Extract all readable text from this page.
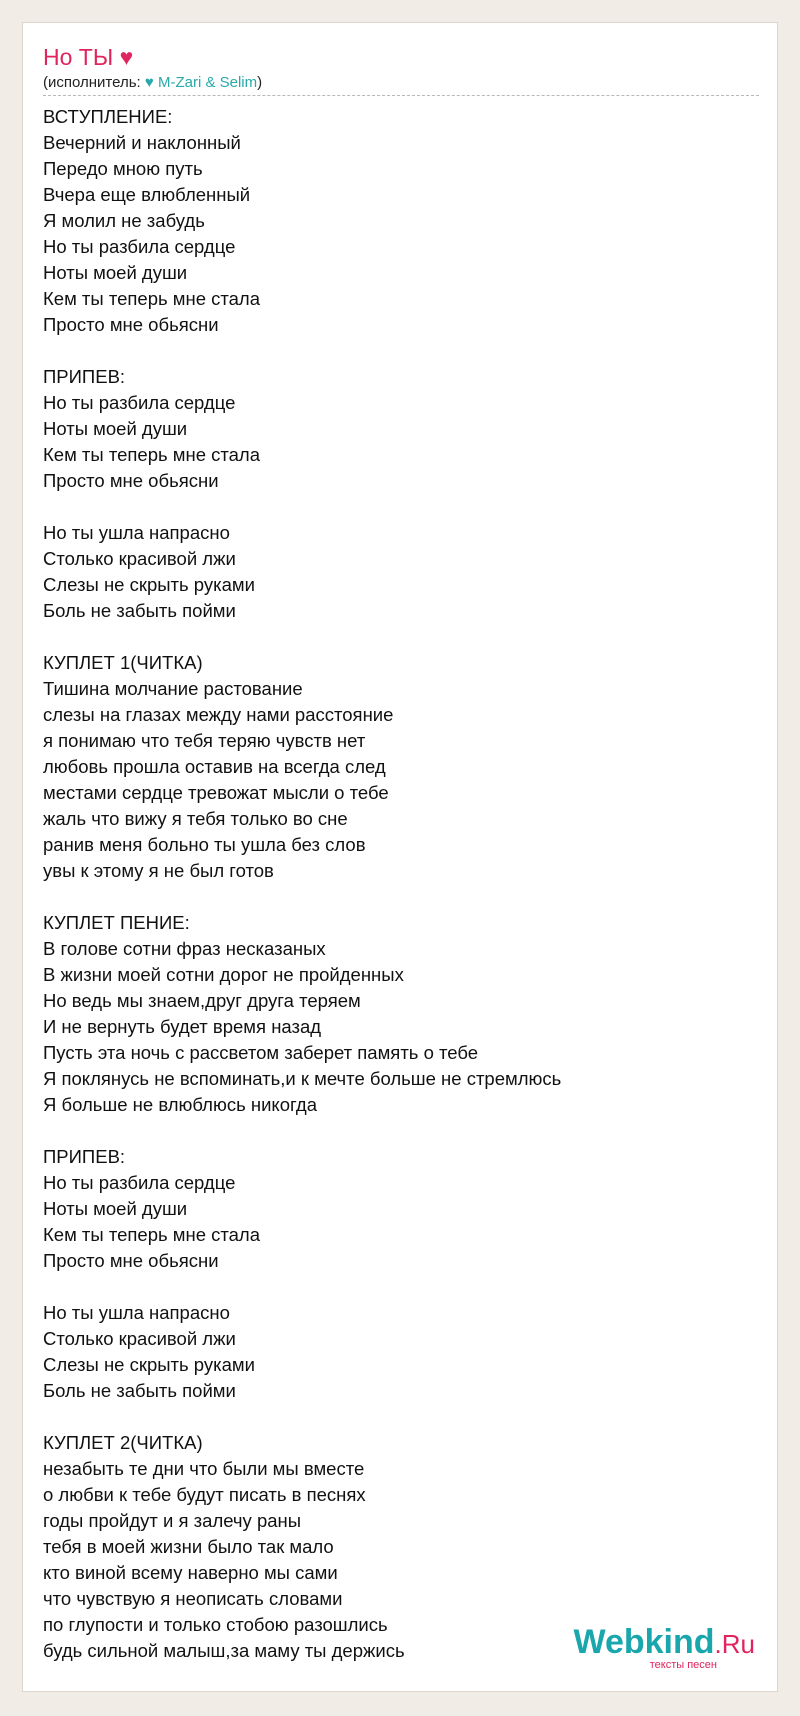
Но ТЫ ♥
(исполнитель: ♥ M-Zari & Selim)
ВСТУПЛЕНИЕ:
Вечерний и наклонный
Передо мною путь
Вчера еще влюбленный
Я молил не забудь
Но ты разбила сердце
Ноты моей души
Кем ты теперь мне стала
Просто мне обьясни
ПРИПЕВ:
Но ты разбила сердце
Ноты моей души
Кем ты теперь мне стала
Просто мне обьясни
Но ты ушла напрасно
Столько красивой лжи
Слезы не скрыть руками
Боль не забыть пойми
КУПЛЕТ 1(ЧИТКА)
Тишина молчание растование
слезы на глазах между нами расстояние
я понимаю что тебя теряю чувств нет
любовь прошла оставив на всегда след
местами сердце тревожат мысли о тебе
жаль что вижу я тебя только во сне
ранив меня больно ты ушла без слов
увы к этому я не был готов
КУПЛЕТ ПЕНИЕ:
В голове сотни фраз несказаных
В жизни моей сотни дорог не пройденных
Но ведь мы знаем,друг друга теряем
И не вернуть будет время назад
Пусть эта ночь с рассветом заберет память о тебе
Я поклянусь не вспоминать,и к мечте больше не стремлюсь
Я больше не влюблюсь никогда
ПРИПЕВ:
Но ты разбила сердце
Ноты моей души
Кем ты теперь мне стала
Просто мне обьясни
Но ты ушла напрасно
Столько красивой лжи
Слезы не скрыть руками
Боль не забыть пойми
КУПЛЕТ 2(ЧИТКА)
незабыть те дни что были мы вместе
о любви к тебе будут писать в песнях
годы пройдут и я залечу раны
тебя в моей жизни было так мало
кто виной всему наверно мы сами
что чувствую я неописать словами
по глупости и только стобою разошлись
будь сильной малыш,за маму ты держись	Webkind.Ru
тексты песен
